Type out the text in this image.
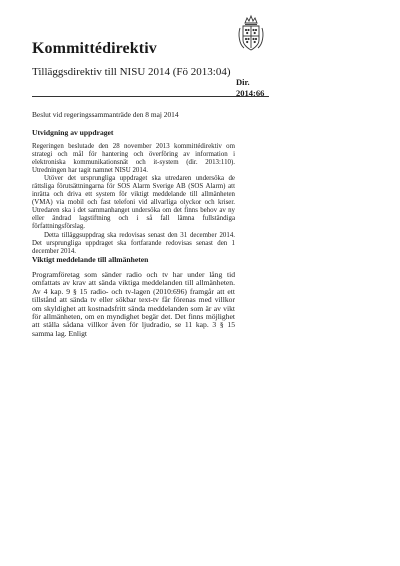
Kommittédirektiv
Tilläggsdirektiv till NISU 2014 (Fö 2013:04)
Dir.
2014:66
Beslut vid regeringssammanträde den 8 maj 2014
Utvidgning av uppdraget

Regeringen beslutade den 28 november 2013 kommittédirektiv om strategi och mål för hantering och överföring av information i elektroniska kommunikationsnät och it-system (dir. 2013:110). Utredningen har tagit namnet NISU 2014.

Utöver det ursprungliga uppdraget ska utredaren undersöka de rättsliga förutsättningarna för SOS Alarm Sverige AB (SOS Alarm) att inrätta och driva ett system för viktigt meddelande till allmänheten (VMA) via mobil och fast telefoni vid allvarliga olyckor och kriser. Utredaren ska i det sammanhanget undersöka om det finns behov av ny eller ändrad lagstiftning och i så fall lämna fullständiga författningsförslag.

Detta tilläggsuppdrag ska redovisas senast den 31 december 2014. Det ursprungliga uppdraget ska fortfarande redovisas senast den 1 december 2014.

Viktigt meddelande till allmänheten

Programföretag som sänder radio och tv har under lång tid omfattats av krav att sända viktiga meddelanden till allmänheten. Av 4 kap. 9 § 15 radio- och tv-lagen (2010:696) framgår att ett tillstånd att sända tv eller sökbar text-tv får förenas med villkor om skyldighet att kostnadsfritt sända meddelanden som är av vikt för allmänheten, om en myndighet begär det. Det finns möjlighet att ställa sådana villkor även för ljudradio, se 11 kap. 3 § 15 samma lag. Enligt
